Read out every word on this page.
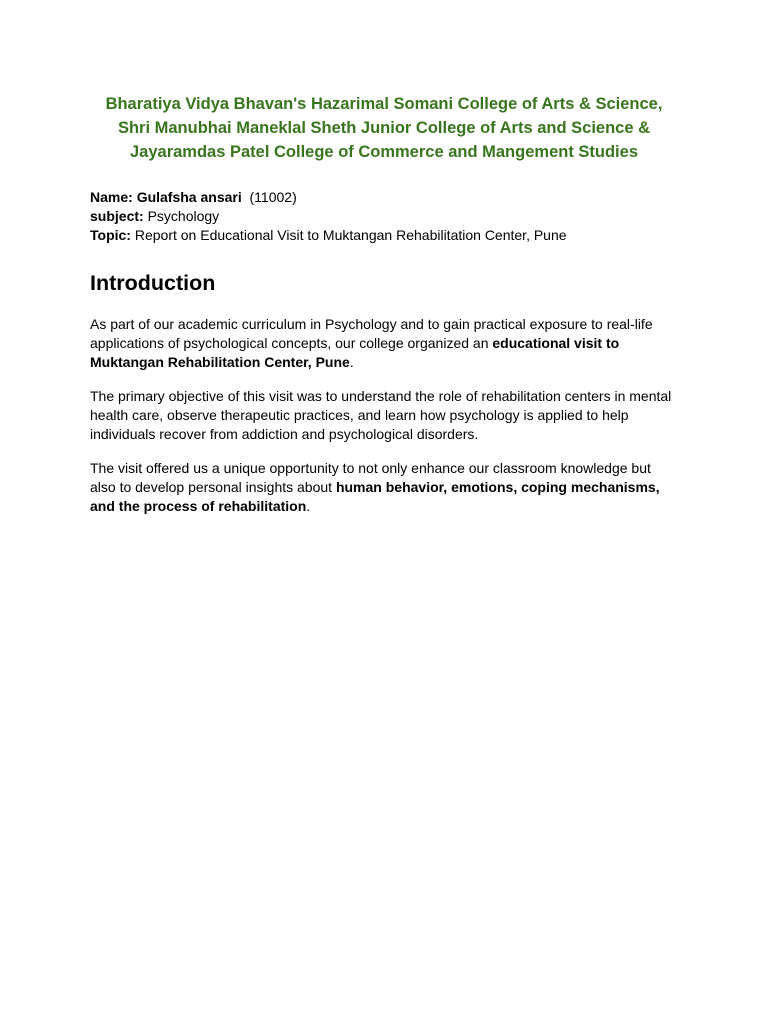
Bharatiya Vidya Bhavan's Hazarimal Somani College of Arts & Science, Shri Manubhai Maneklal Sheth Junior College of Arts and Science & Jayaramdas Patel College of Commerce and Mangement Studies
Name: Gulafsha ansari (11002)
subject: Psychology
Topic: Report on Educational Visit to Muktangan Rehabilitation Center, Pune
Introduction

As part of our academic curriculum in Psychology and to gain practical exposure to real-life applications of psychological concepts, our college organized an educational visit to Muktangan Rehabilitation Center, Pune.

The primary objective of this visit was to understand the role of rehabilitation centers in mental health care, observe therapeutic practices, and learn how psychology is applied to help individuals recover from addiction and psychological disorders.

The visit offered us a unique opportunity to not only enhance our classroom knowledge but also to develop personal insights about human behavior, emotions, coping mechanisms, and the process of rehabilitation.
